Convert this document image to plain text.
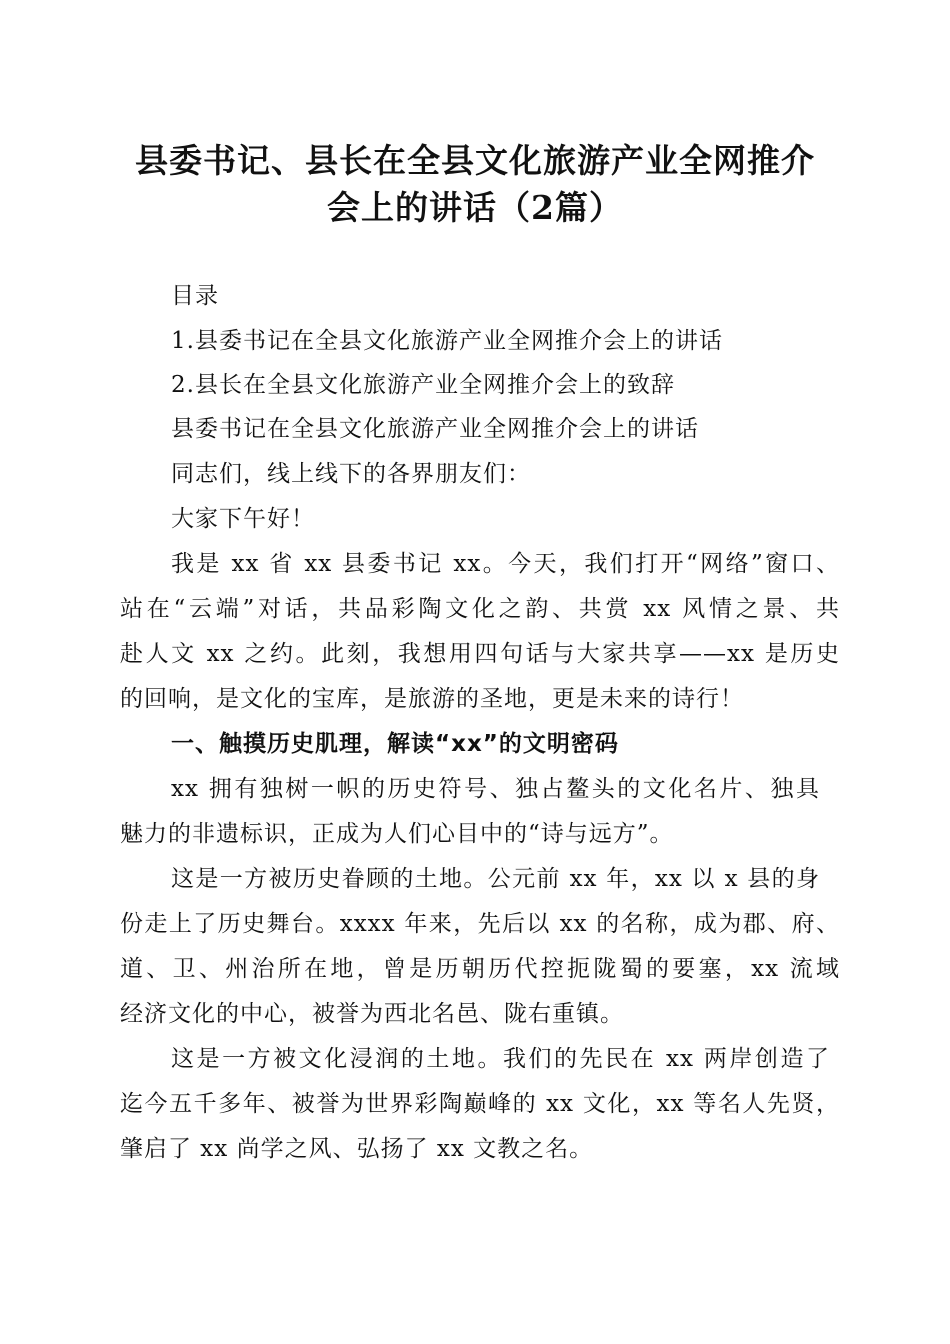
县委书记、县长在全县文化旅游产业全网推介
会上的讲话（2篇）
目录
1.县委书记在全县文化旅游产业全网推介会上的讲话
2.县长在全县文化旅游产业全网推介会上的致辞
县委书记在全县文化旅游产业全网推介会上的讲话
同志们，线上线下的各界朋友们：
大家下午好！
我是 xx 省 xx 县委书记 xx。今天，我们打开“网络”窗口、
站在“云端”对话，共品彩陶文化之韵、共赏 xx 风情之景、共
赴人文 xx 之约。此刻，我想用四句话与大家共享——xx 是历史
的回响，是文化的宝库，是旅游的圣地，更是未来的诗行！
一、触摸历史肌理，解读“xx”的文明密码
xx 拥有独树一帜的历史符号、独占鳌头的文化名片、独具
魅力的非遗标识，正成为人们心目中的“诗与远方”。
这是一方被历史眷顾的土地。公元前 xx 年，xx 以 x 县的身
份走上了历史舞台。xxxx 年来，先后以 xx 的名称，成为郡、府、
道、卫、州治所在地，曾是历朝历代控扼陇蜀的要塞，xx 流域
经济文化的中心，被誉为西北名邑、陇右重镇。
这是一方被文化浸润的土地。我们的先民在 xx 两岸创造了
迄今五千多年、被誉为世界彩陶巅峰的 xx 文化，xx 等名人先贤，
肇启了 xx 尚学之风、弘扬了 xx 文教之名。
